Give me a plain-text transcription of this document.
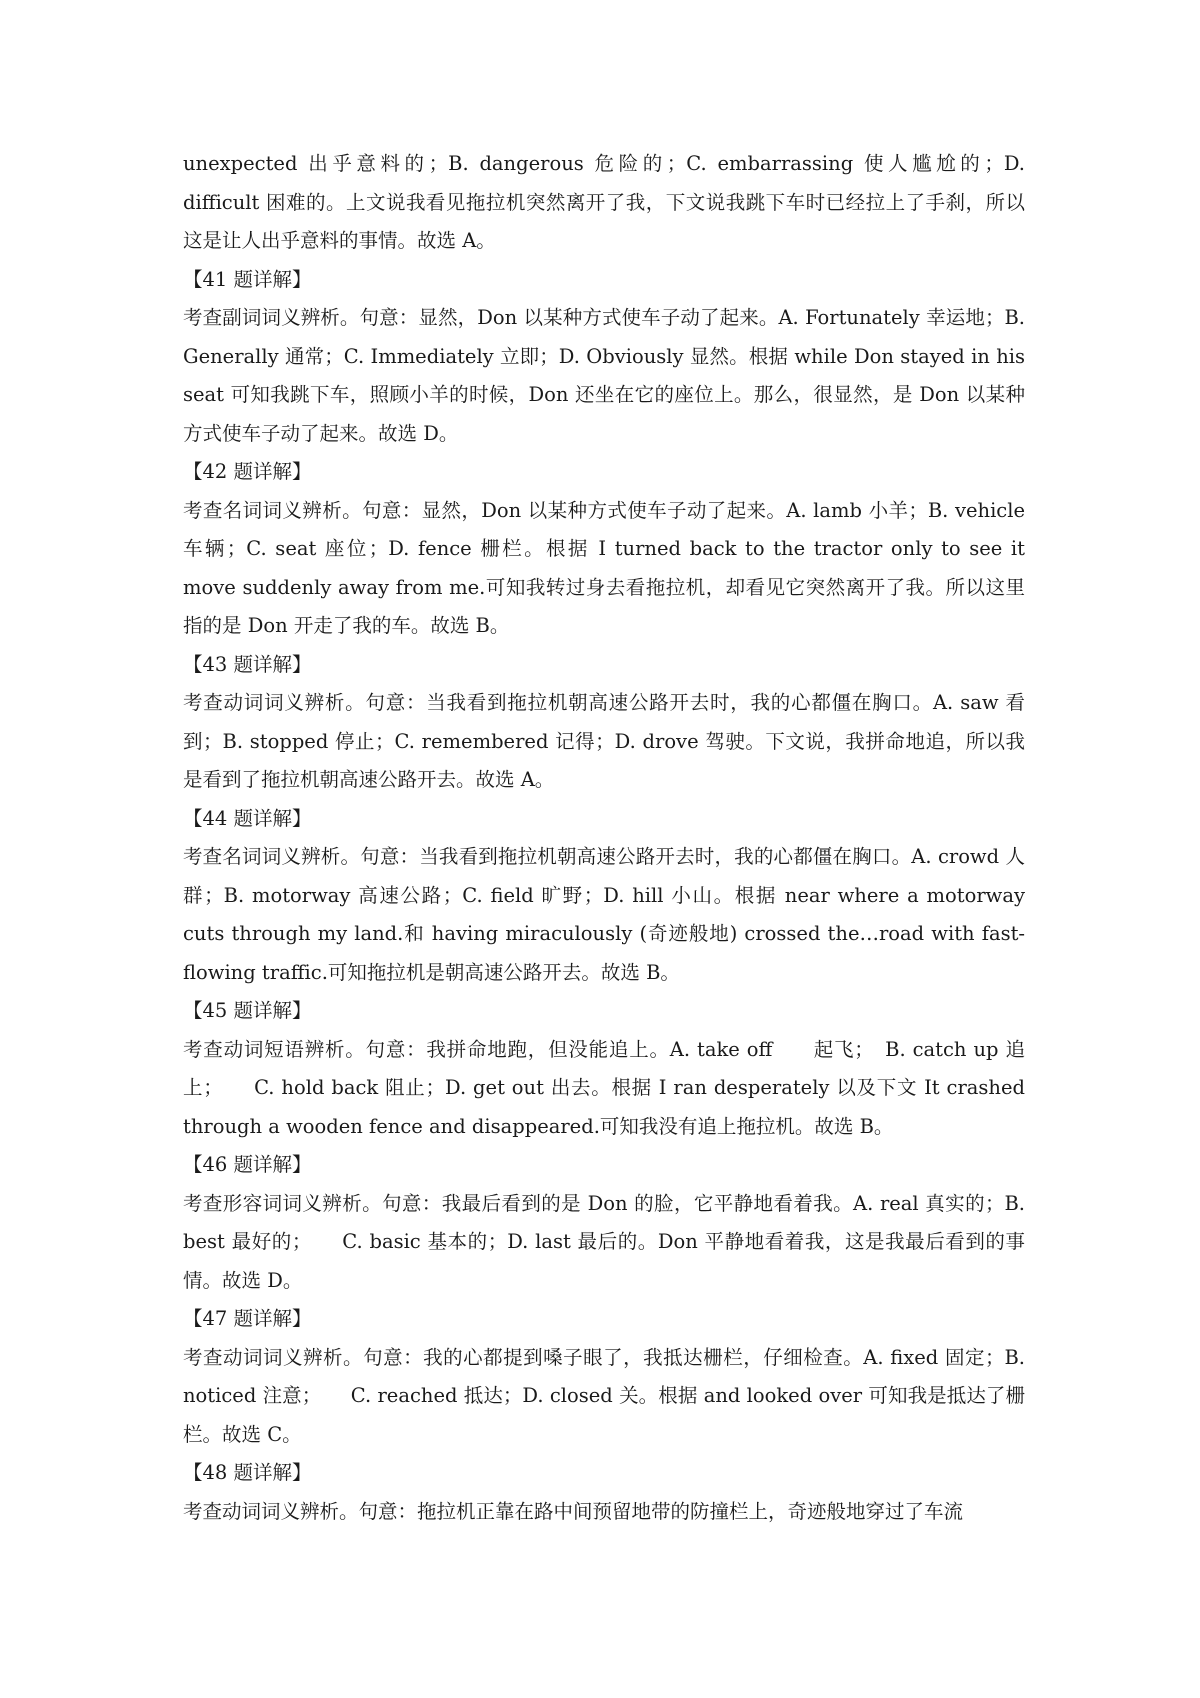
unexpected 出乎意料的；B. dangerous 危险的；C. embarrassing 使人尴尬的；D. difficult 困难的。上文说我看见拖拉机突然离开了我，下文说我跳下车时已经拉上了手刹，所以这是让人出乎意料的事情。故选 A。

【41 题详解】

考查副词词义辨析。句意：显然，Don 以某种方式使车子动了起来。A. Fortunately 幸运地；B. Generally 通常；C. Immediately 立即；D. Obviously 显然。根据 while Don stayed in his seat 可知我跳下车，照顾小羊的时候，Don 还坐在它的座位上。那么，很显然，是 Don 以某种方式使车子动了起来。故选 D。

【42 题详解】

考查名词词义辨析。句意：显然，Don 以某种方式使车子动了起来。A. lamb 小羊；B. vehicle 车辆；C. seat 座位；D. fence 栅栏。根据 I turned back to the tractor only to see it move suddenly away from me.可知我转过身去看拖拉机，却看见它突然离开了我。所以这里指的是 Don 开走了我的车。故选 B。

【43 题详解】

考查动词词义辨析。句意：当我看到拖拉机朝高速公路开去时，我的心都僵在胸口。A. saw 看到；B. stopped 停止；C. remembered 记得；D. drove 驾驶。下文说，我拼命地追，所以我是看到了拖拉机朝高速公路开去。故选 A。

【44 题详解】

考查名词词义辨析。句意：当我看到拖拉机朝高速公路开去时，我的心都僵在胸口。A. crowd 人群；B. motorway 高速公路；C. field 旷野；D. hill 小山。根据 near where a motorway cuts through my land.和 having miraculously (奇迹般地) crossed the…road with fast-flowing traffic.可知拖拉机是朝高速公路开去。故选 B。

【45 题详解】

考查动词短语辨析。句意：我拼命地跑，但没能追上。A. take off　　起飞；　B. catch up 追上；　　C. hold back 阻止；D. get out 出去。根据 I ran desperately 以及下文 It crashed through a wooden fence and disappeared.可知我没有追上拖拉机。故选 B。

【46 题详解】

考查形容词词义辨析。句意：我最后看到的是 Don 的脸，它平静地看着我。A. real 真实的；B. best 最好的；　　C. basic 基本的；D. last 最后的。Don 平静地看着我，这是我最后看到的事情。故选 D。

【47 题详解】

考查动词词义辨析。句意：我的心都提到嗓子眼了，我抵达栅栏，仔细检查。A. fixed 固定；B. noticed 注意；　　C. reached 抵达；D. closed 关。根据 and looked over 可知我是抵达了栅栏。故选 C。

【48 题详解】

考查动词词义辨析。句意：拖拉机正靠在路中间预留地带的防撞栏上，奇迹般地穿过了车流
